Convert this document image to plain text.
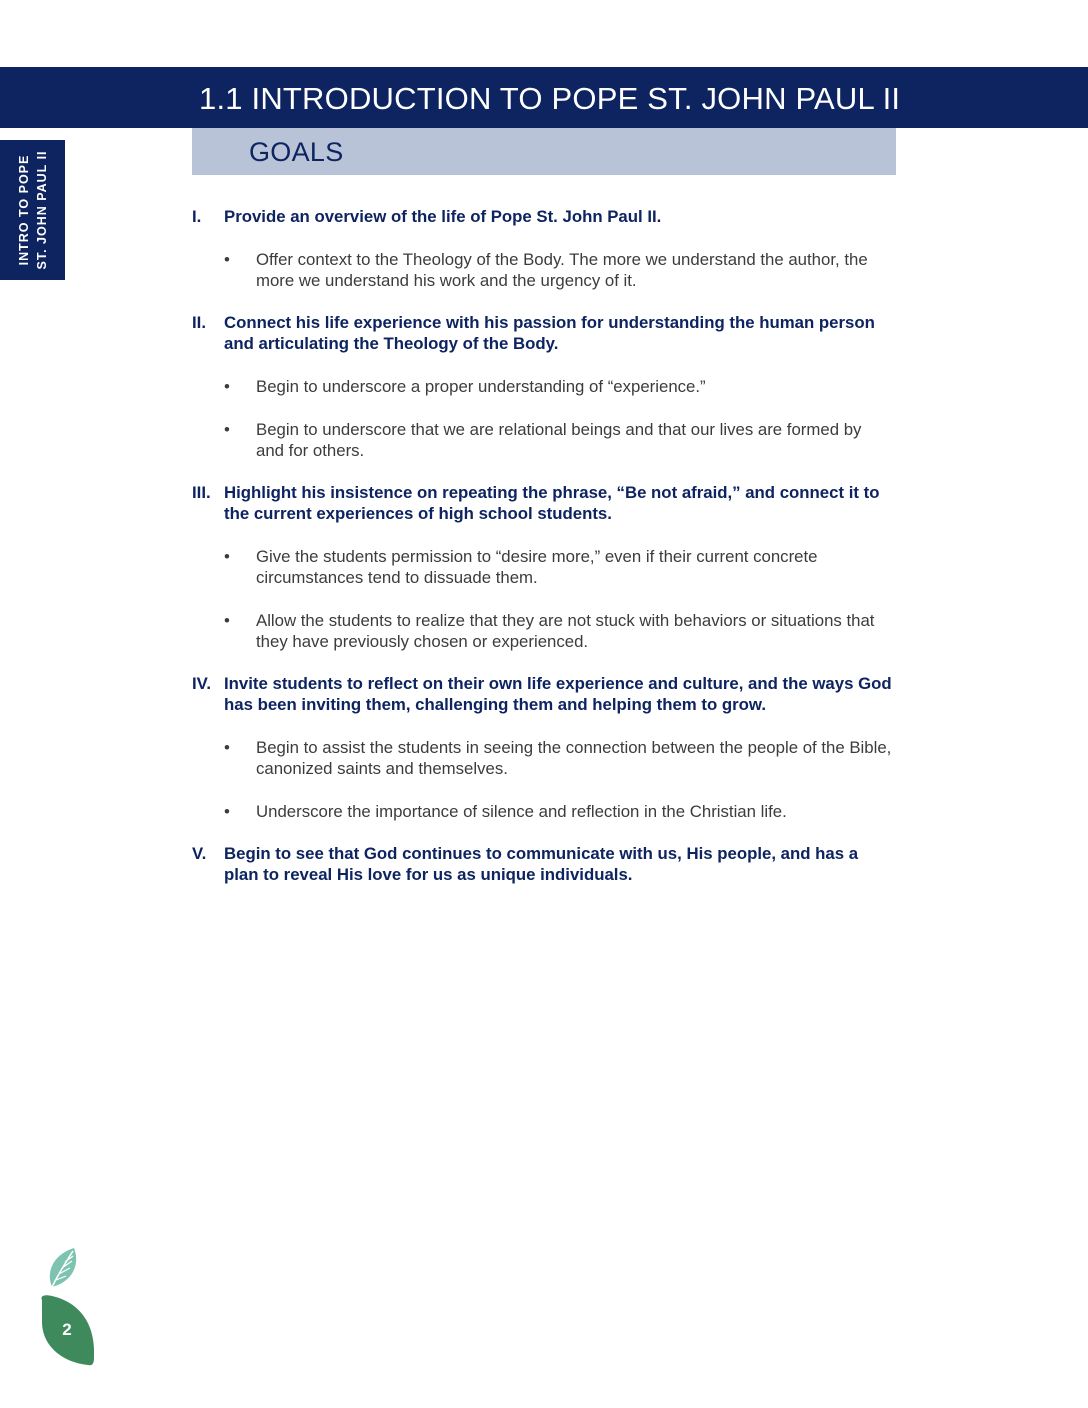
1.1 INTRODUCTION TO POPE ST. JOHN PAUL II
GOALS
INTRO TO POPE ST. JOHN PAUL II	I. Provide an overview of the life of Pope St. John Paul II.
• Offer context to the Theology of the Body. The more we understand the author, the more we understand his work and the urgency of it.
II. Connect his life experience with his passion for understanding the human person and articulating the Theology of the Body.
• Begin to underscore a proper understanding of “experience.”
• Begin to underscore that we are relational beings and that our lives are formed by and for others.
III. Highlight his insistence on repeating the phrase, “Be not afraid,” and connect it to the current experiences of high school students.
• Give the students permission to “desire more,” even if their current concrete circumstances tend to dissuade them.
• Allow the students to realize that they are not stuck with behaviors or situations that they have previously chosen or experienced.
IV. Invite students to reflect on their own life experience and culture, and the ways God has been inviting them, challenging them and helping them to grow.
• Begin to assist the students in seeing the connection between the people of the Bible, canonized saints and themselves.
• Underscore the importance of silence and reflection in the Christian life.
V. Begin to see that God continues to communicate with us, His people, and has a plan to reveal His love for us as unique individuals.
2
